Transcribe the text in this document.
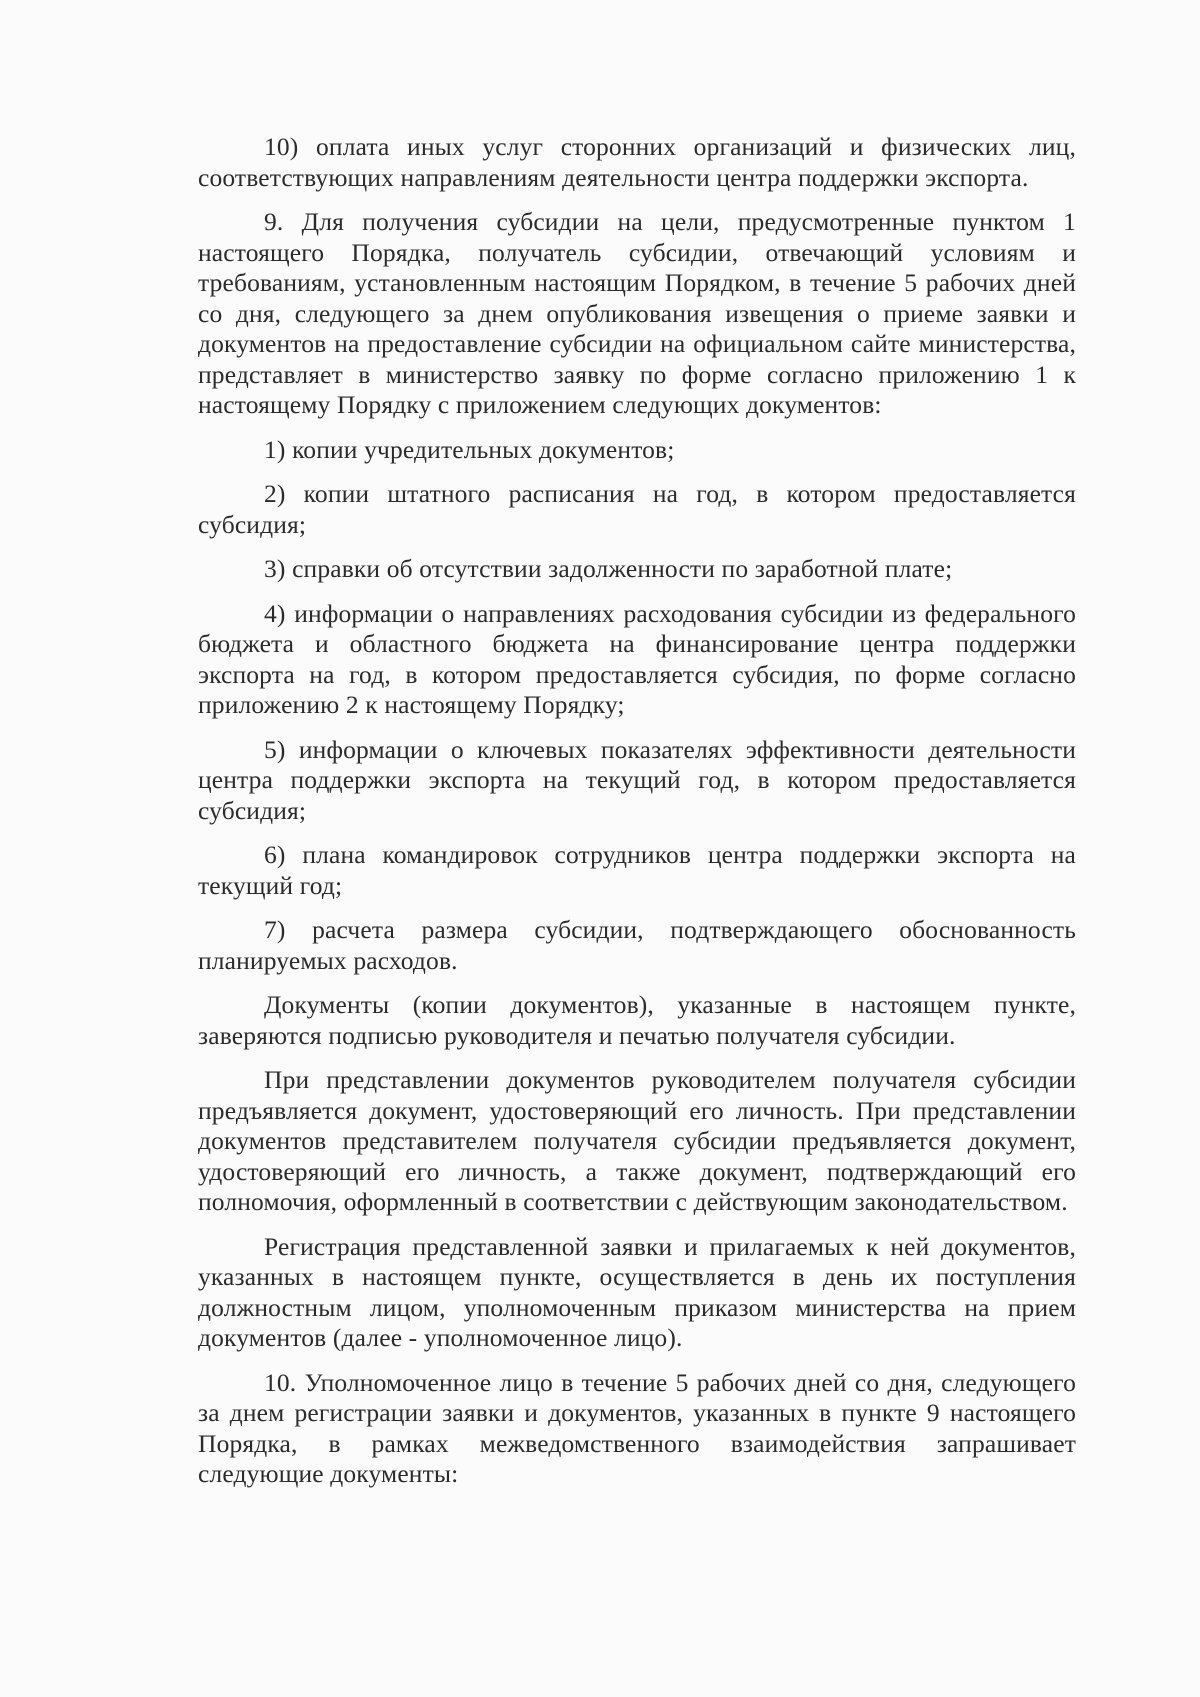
10) оплата иных услуг сторонних организаций и физических лиц, соответствующих направлениям деятельности центра поддержки экспорта.

9. Для получения субсидии на цели, предусмотренные пунктом 1 настоящего Порядка, получатель субсидии, отвечающий условиям и требованиям, установленным настоящим Порядком, в течение 5 рабочих дней со дня, следующего за днем опубликования извещения о приеме заявки и документов на предоставление субсидии на официальном сайте министерства, представляет в министерство заявку по форме согласно приложению 1 к настоящему Порядку с приложением следующих документов:

1) копии учредительных документов;

2) копии штатного расписания на год, в котором предоставляется субсидия;

3) справки об отсутствии задолженности по заработной плате;

4) информации о направлениях расходования субсидии из федерального бюджета и областного бюджета на финансирование центра поддержки экспорта на год, в котором предоставляется субсидия, по форме согласно приложению 2 к настоящему Порядку;

5) информации о ключевых показателях эффективности деятельности центра поддержки экспорта на текущий год, в котором предоставляется субсидия;

6) плана командировок сотрудников центра поддержки экспорта на текущий год;

7) расчета размера субсидии, подтверждающего обоснованность планируемых расходов.

Документы (копии документов), указанные в настоящем пункте, заверяются подписью руководителя и печатью получателя субсидии.

При представлении документов руководителем получателя субсидии предъявляется документ, удостоверяющий его личность. При представлении документов представителем получателя субсидии предъявляется документ, удостоверяющий его личность, а также документ, подтверждающий его полномочия, оформленный в соответствии с действующим законодательством.

Регистрация представленной заявки и прилагаемых к ней документов, указанных в настоящем пункте, осуществляется в день их поступления должностным лицом, уполномоченным приказом министерства на прием документов (далее - уполномоченное лицо).

10. Уполномоченное лицо в течение 5 рабочих дней со дня, следующего за днем регистрации заявки и документов, указанных в пункте 9 настоящего Порядка, в рамках межведомственного взаимодействия запрашивает следующие документы:
